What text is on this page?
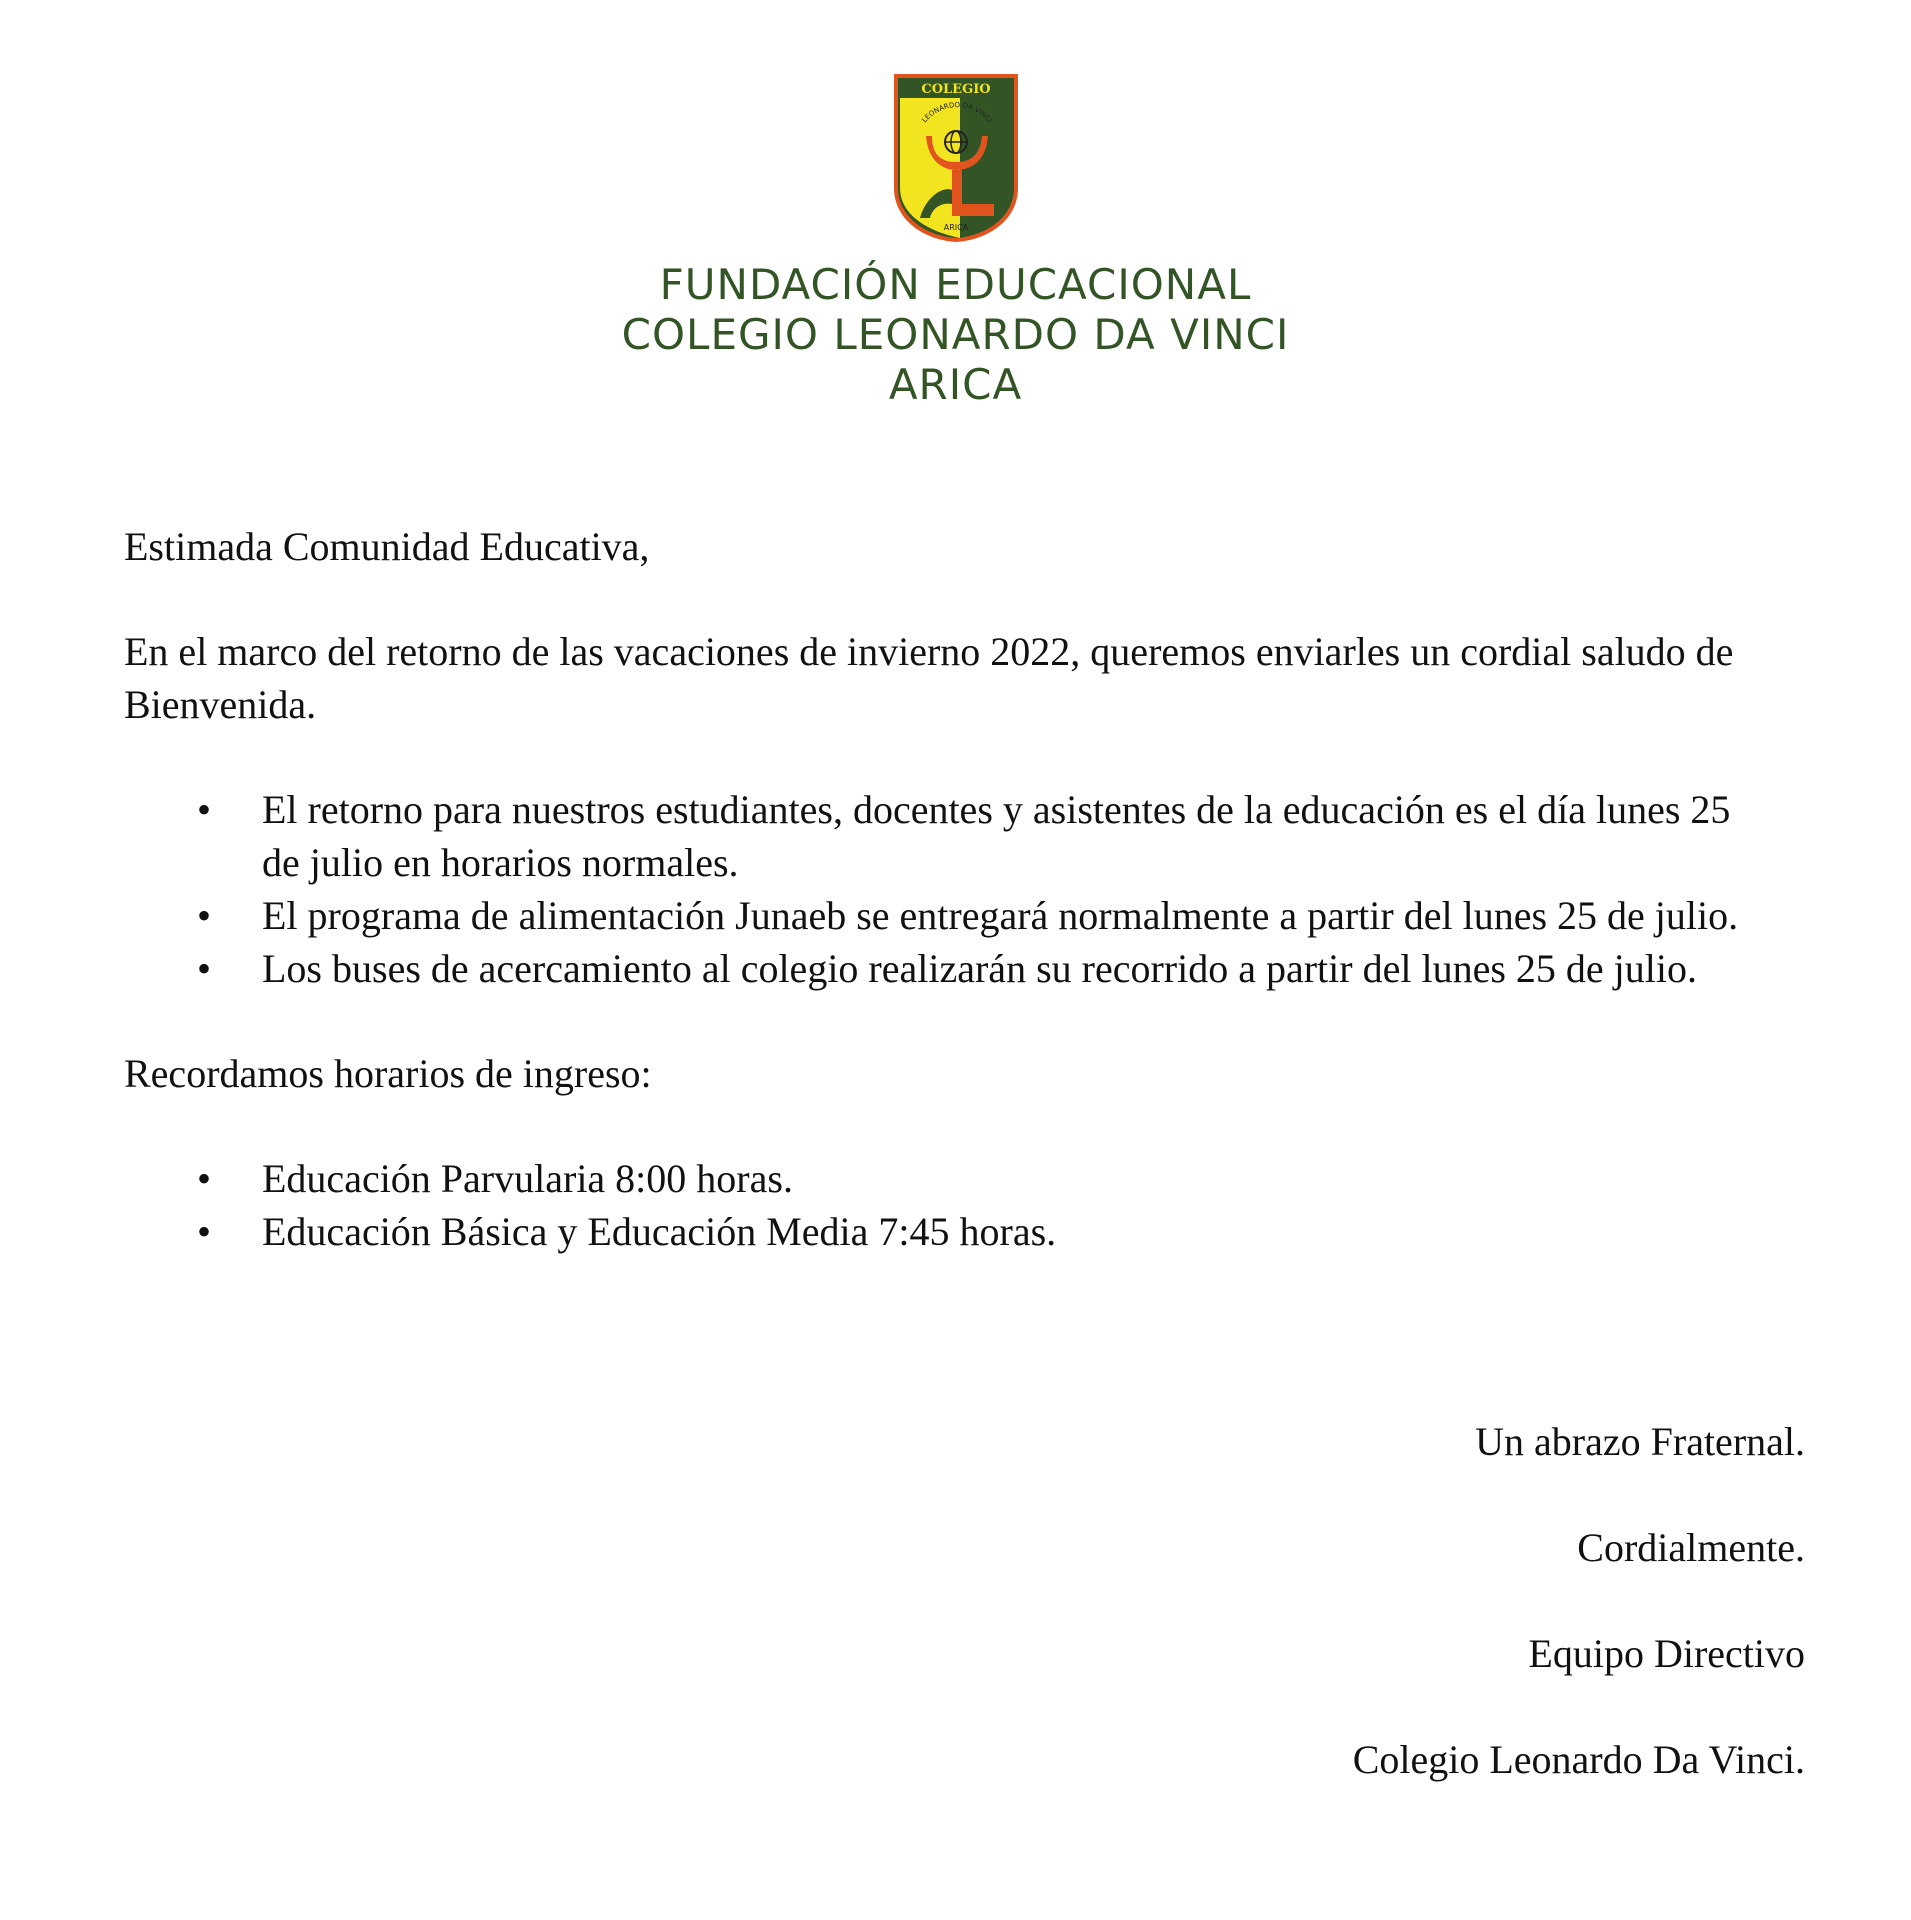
COLEGIO
LEONARDO DA VINCI
ARICA
FUNDACIÓN EDUCACIONAL
COLEGIO LEONARDO DA VINCI
ARICA

Estimada Comunidad Educativa,

En el marco del retorno de las vacaciones de invierno 2022, queremos enviarles un cordial saludo de Bienvenida.

• El retorno para nuestros estudiantes, docentes y asistentes de la educación es el día lunes 25 de julio en horarios normales.
• El programa de alimentación Junaeb se entregará normalmente a partir del lunes 25 de julio.
• Los buses de acercamiento al colegio realizarán su recorrido a partir del lunes 25 de julio.

Recordamos horarios de ingreso:

• Educación Parvularia 8:00 horas.
• Educación Básica y Educación Media 7:45 horas.
Un abrazo Fraternal.
Cordialmente.
Equipo Directivo
Colegio Leonardo Da Vinci.
